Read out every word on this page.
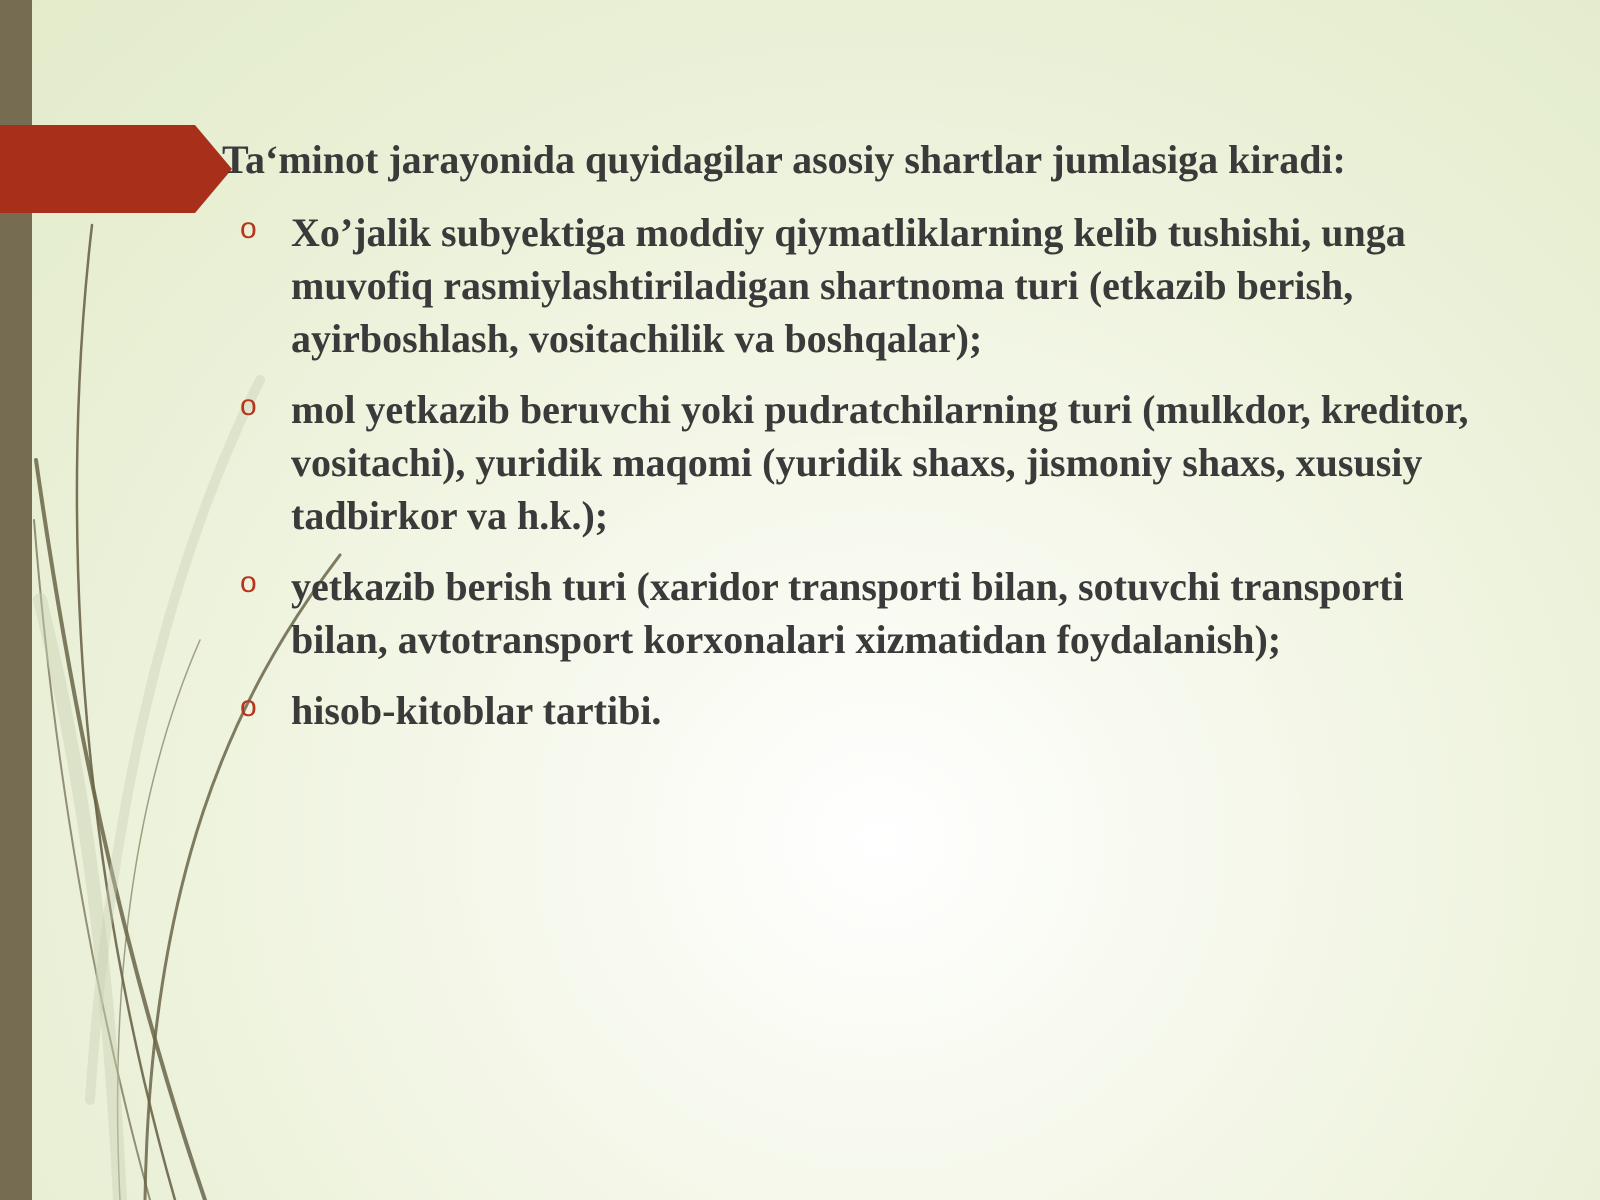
Ta‘minot jarayonida quyidagilar asosiy shartlar jumlasiga kiradi:
o Xo’jalik subyektiga moddiy qiymatliklarning kelib tushishi, unga muvofiq rasmiylashtiriladigan shartnoma turi (etkazib berish, ayirboshlash, vositachilik va boshqalar);
o mol yetkazib beruvchi yoki pudratchilarning turi (mulkdor, kreditor, vositachi), yuridik maqomi (yuridik shaxs, jismoniy shaxs, xususiy tadbirkor va h.k.);
o yetkazib berish turi (xaridor transporti bilan, sotuvchi transporti bilan, avtotransport korxonalari xizmatidan foydalanish);
o hisob-kitoblar tartibi.
